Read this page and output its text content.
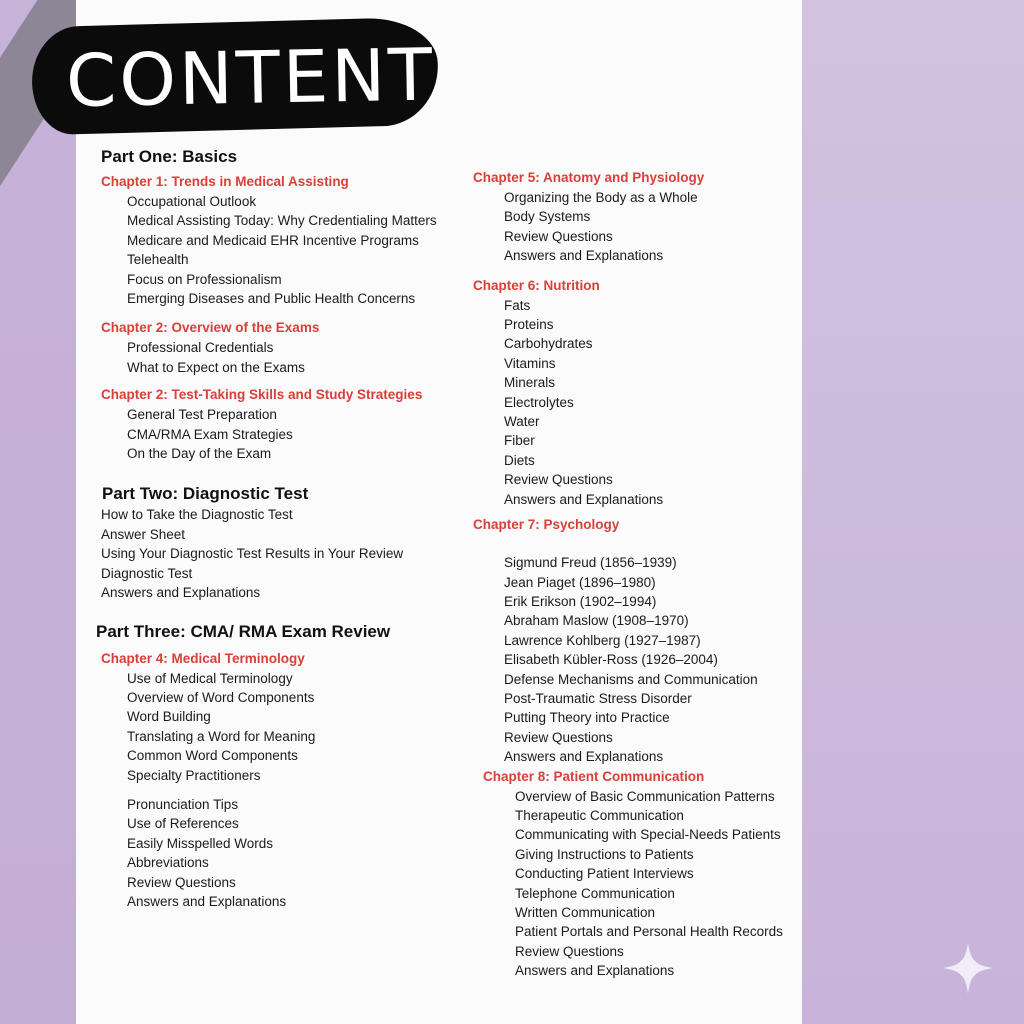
CONTENT
Part One: Basics
Chapter 1: Trends in Medical Assisting
Occupational Outlook
Medical Assisting Today: Why Credentialing Matters
Medicare and Medicaid EHR Incentive Programs
Telehealth
Focus on Professionalism
Emerging Diseases and Public Health Concerns
Chapter 2: Overview of the Exams
Professional Credentials
What to Expect on the Exams
Chapter 2: Test-Taking Skills and Study Strategies
General Test Preparation
CMA/RMA Exam Strategies
On the Day of the Exam
Part Two: Diagnostic Test
How to Take the Diagnostic Test
Answer Sheet
Using Your Diagnostic Test Results in Your Review
Diagnostic Test
Answers and Explanations
Part Three: CMA/ RMA Exam Review
Chapter 4: Medical Terminology
Use of Medical Terminology
Overview of Word Components
Word Building
Translating a Word for Meaning
Common Word Components
Specialty Practitioners
Pronunciation Tips
Use of References
Easily Misspelled Words
Abbreviations
Review Questions
Answers and Explanations
Chapter 5: Anatomy and Physiology
Organizing the Body as a Whole
Body Systems
Review Questions
Answers and Explanations
Chapter 6: Nutrition
Fats
Proteins
Carbohydrates
Vitamins
Minerals
Electrolytes
Water
Fiber
Diets
Review Questions
Answers and Explanations
Chapter 7: Psychology
Sigmund Freud (1856–1939)
Jean Piaget (1896–1980)
Erik Erikson (1902–1994)
Abraham Maslow (1908–1970)
Lawrence Kohlberg (1927–1987)
Elisabeth Kübler-Ross (1926–2004)
Defense Mechanisms and Communication
Post-Traumatic Stress Disorder
Putting Theory into Practice
Review Questions
Answers and Explanations
Chapter 8: Patient Communication
Overview of Basic Communication Patterns
Therapeutic Communication
Communicating with Special-Needs Patients
Giving Instructions to Patients
Conducting Patient Interviews
Telephone Communication
Written Communication
Patient Portals and Personal Health Records
Review Questions
Answers and Explanations
